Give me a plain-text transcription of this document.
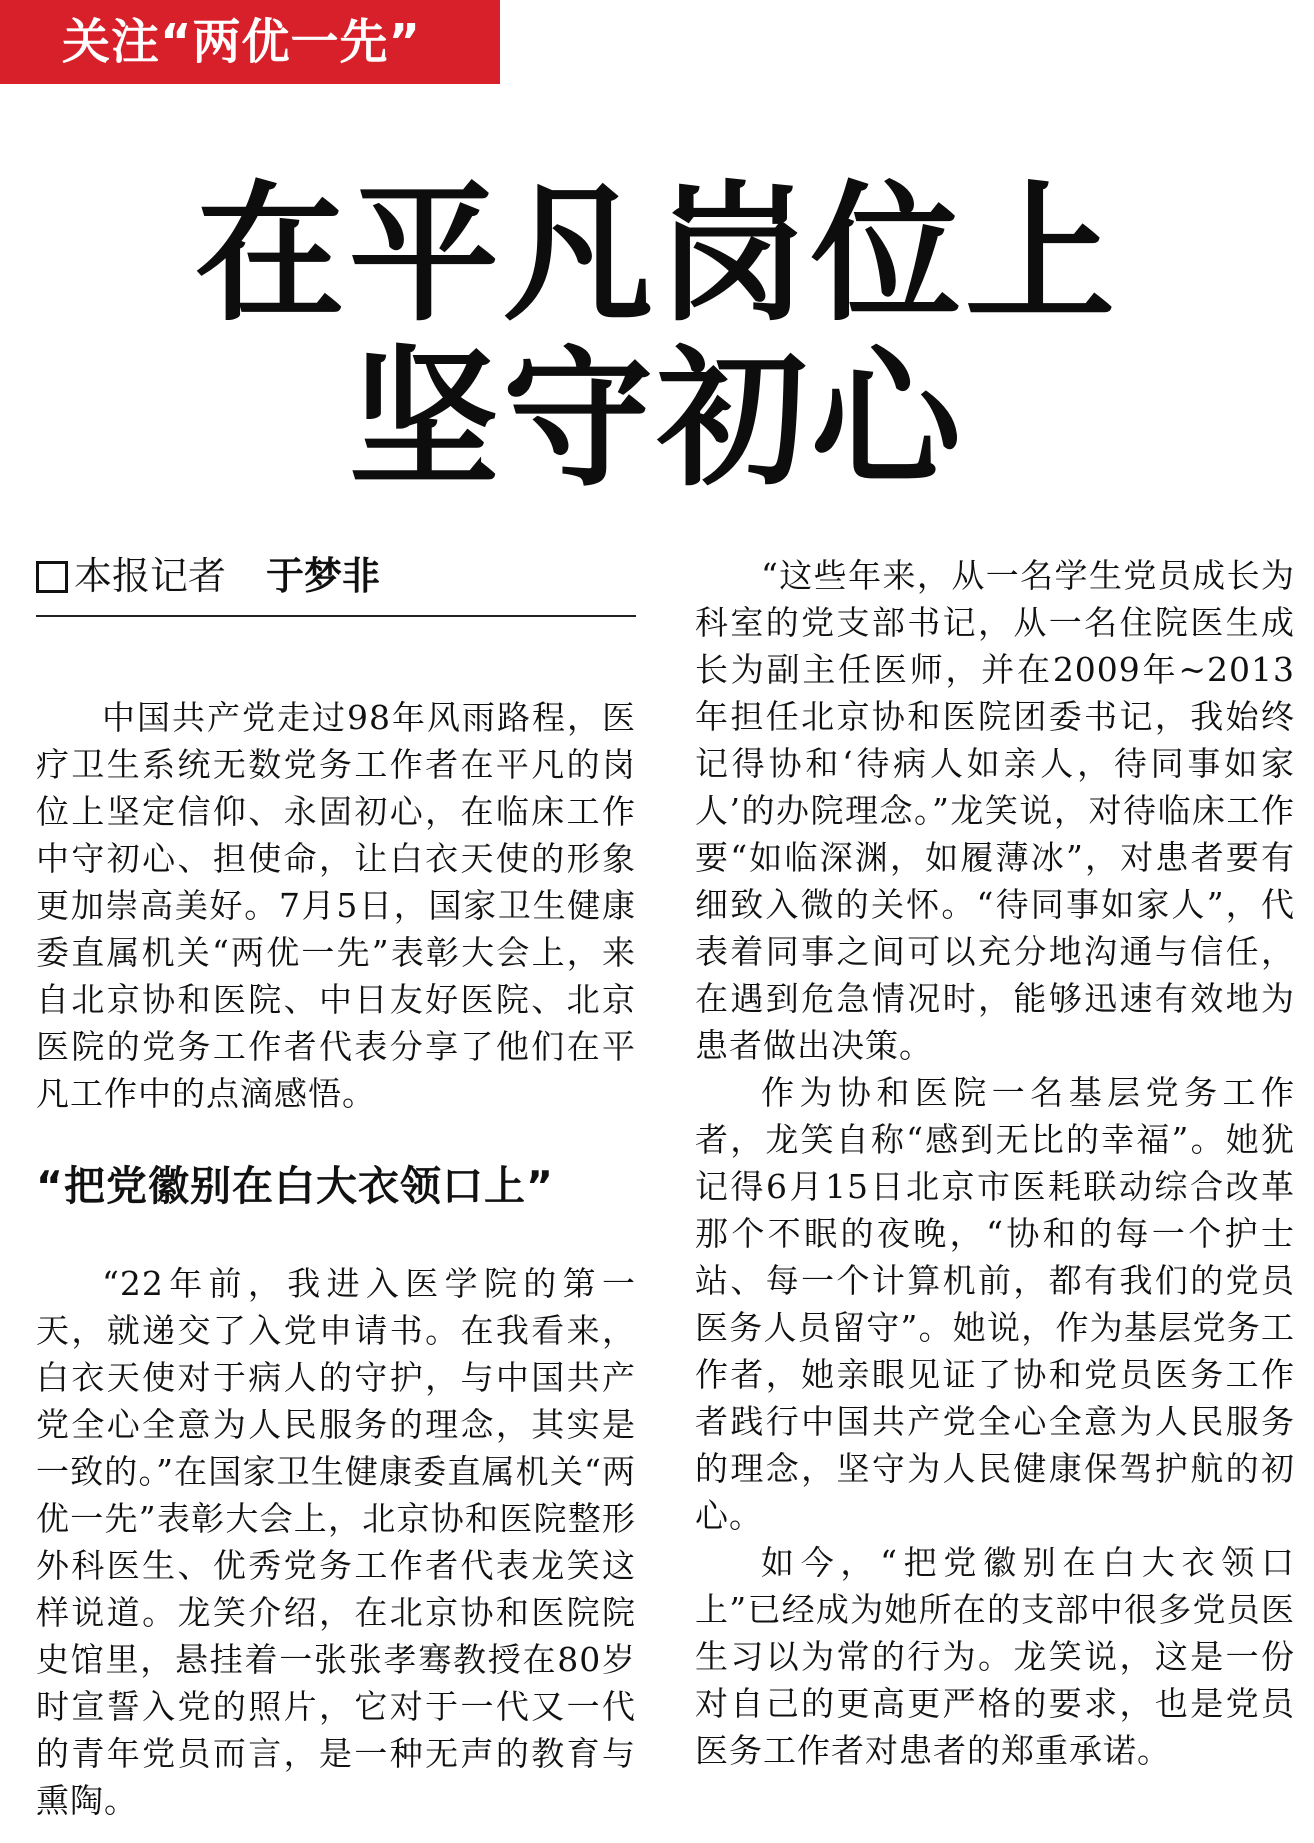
关注“两优一先”
在平凡岗位上
坚守初心
本报记者 于梦非

中国共产党走过98年风雨路程，医疗卫生系统无数党务工作者在平凡的岗位上坚定信仰、永固初心，在临床工作中守初心、担使命，让白衣天使的形象更加崇高美好。7月5日，国家卫生健康委直属机关“两优一先”表彰大会上，来自北京协和医院、中日友好医院、北京医院的党务工作者代表分享了他们在平凡工作中的点滴感悟。

“把党徽别在白大衣领口上”

“22年前，我进入医学院的第一天，就递交了入党申请书。在我看来，白衣天使对于病人的守护，与中国共产党全心全意为人民服务的理念，其实是一致的。”在国家卫生健康委直属机关“两优一先”表彰大会上，北京协和医院整形外科医生、优秀党务工作者代表龙笑这样说道。龙笑介绍，在北京协和医院院史馆里，悬挂着一张张孝骞教授在80岁时宣誓入党的照片，它对于一代又一代的青年党员而言，是一种无声的教育与熏陶。

“这些年来，从一名学生党员成长为科室的党支部书记，从一名住院医生成长为副主任医师，并在2009年~2013年担任北京协和医院团委书记，我始终记得协和‘待病人如亲人，待同事如家人’的办院理念。”龙笑说，对待临床工作要“如临深渊，如履薄冰”，对患者要有细致入微的关怀。“待同事如家人”，代表着同事之间可以充分地沟通与信任，在遇到危急情况时，能够迅速有效地为患者做出决策。

作为协和医院一名基层党务工作者，龙笑自称“感到无比的幸福”。她犹记得6月15日北京市医耗联动综合改革那个不眠的夜晚，“协和的每一个护士站、每一个计算机前，都有我们的党员医务人员留守”。她说，作为基层党务工作者，她亲眼见证了协和党员医务工作者践行中国共产党全心全意为人民服务的理念，坚守为人民健康保驾护航的初心。

如今，“把党徽别在白大衣领口上”已经成为她所在的支部中很多党员医生习以为常的行为。龙笑说，这是一份对自己的更高更严格的要求，也是党员医务工作者对患者的郑重承诺。
